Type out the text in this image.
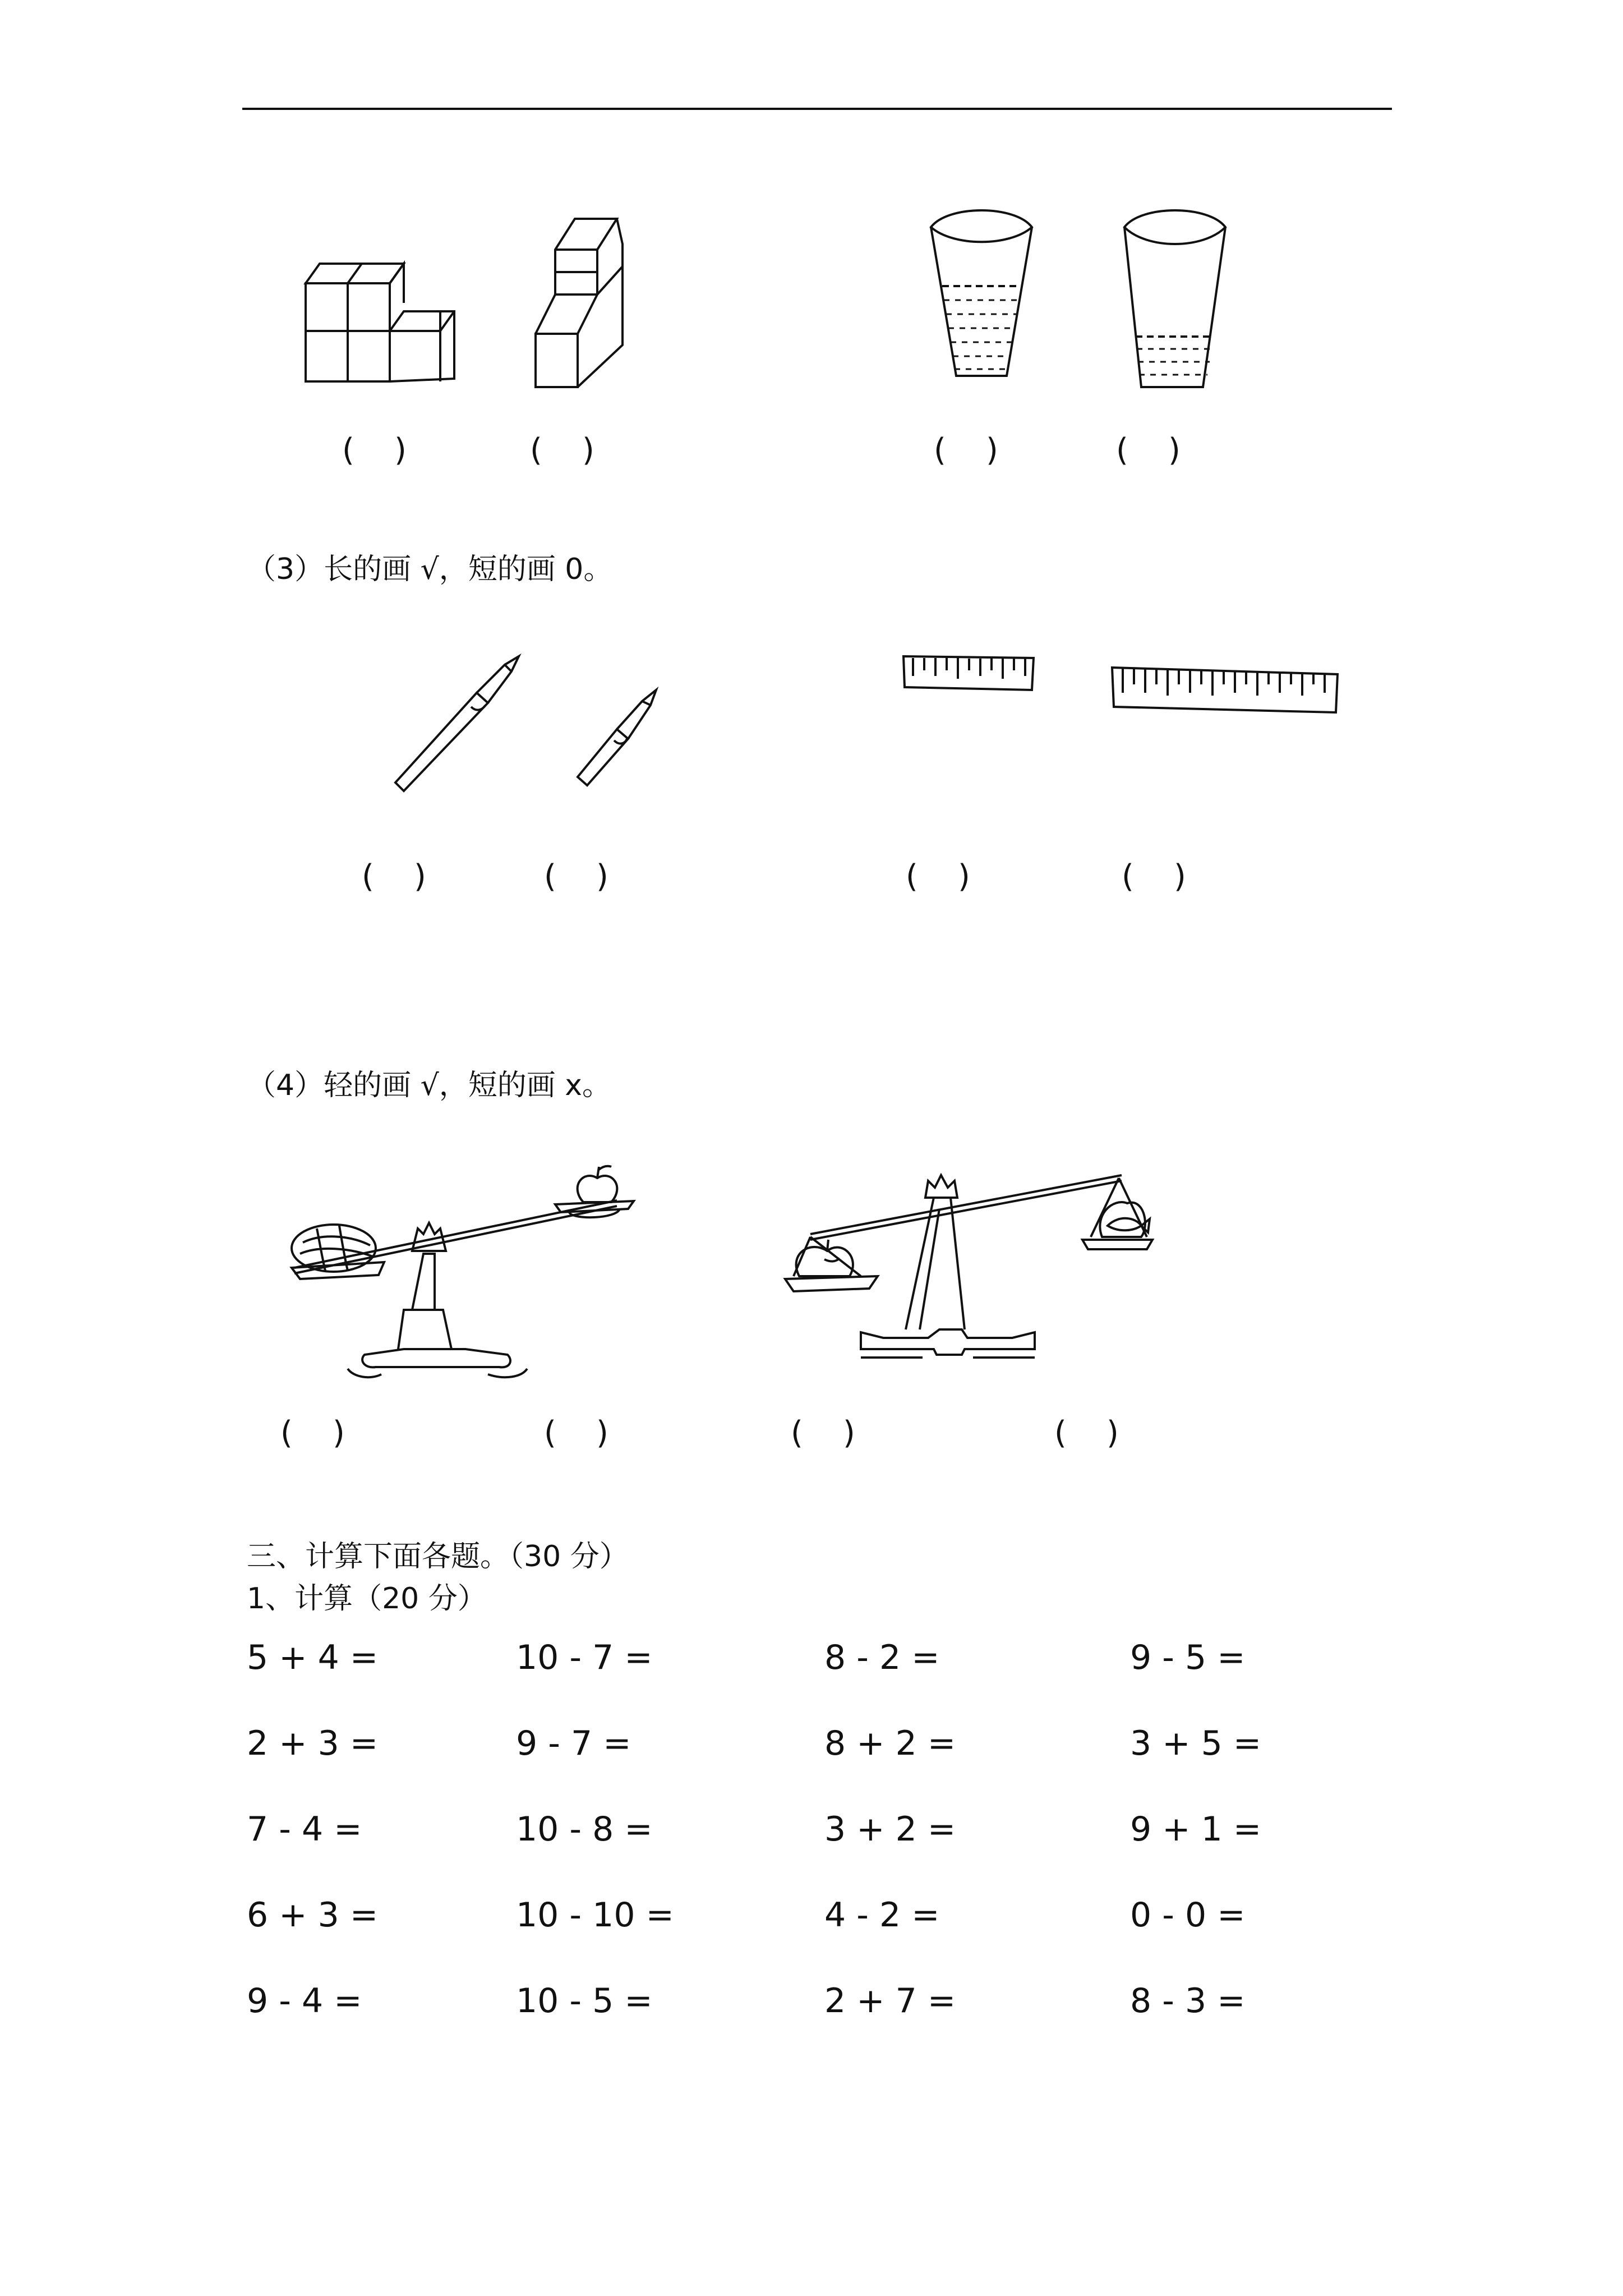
(    )	(    )	(    )	(    )
（3）长的画 √，短的画 0。
(    )	(    )	(    )	(    )
（4）轻的画 √，短的画 x。
(    )	(    )	(    )	(    )
三、计算下面各题。（30 分）
1、计算（20 分）
5 + 4 =	10 - 7 =	8 - 2 =	9 - 5 =
2 + 3 =	9 - 7 =	8 + 2 =	3 + 5 =
7 - 4 =	10 - 8 =	3 + 2 =	9 + 1 =
6 + 3 =	10 - 10 =	4 - 2 =	0 - 0 =
9 - 4 =	10 - 5 =	2 + 7 =	8 - 3 =
